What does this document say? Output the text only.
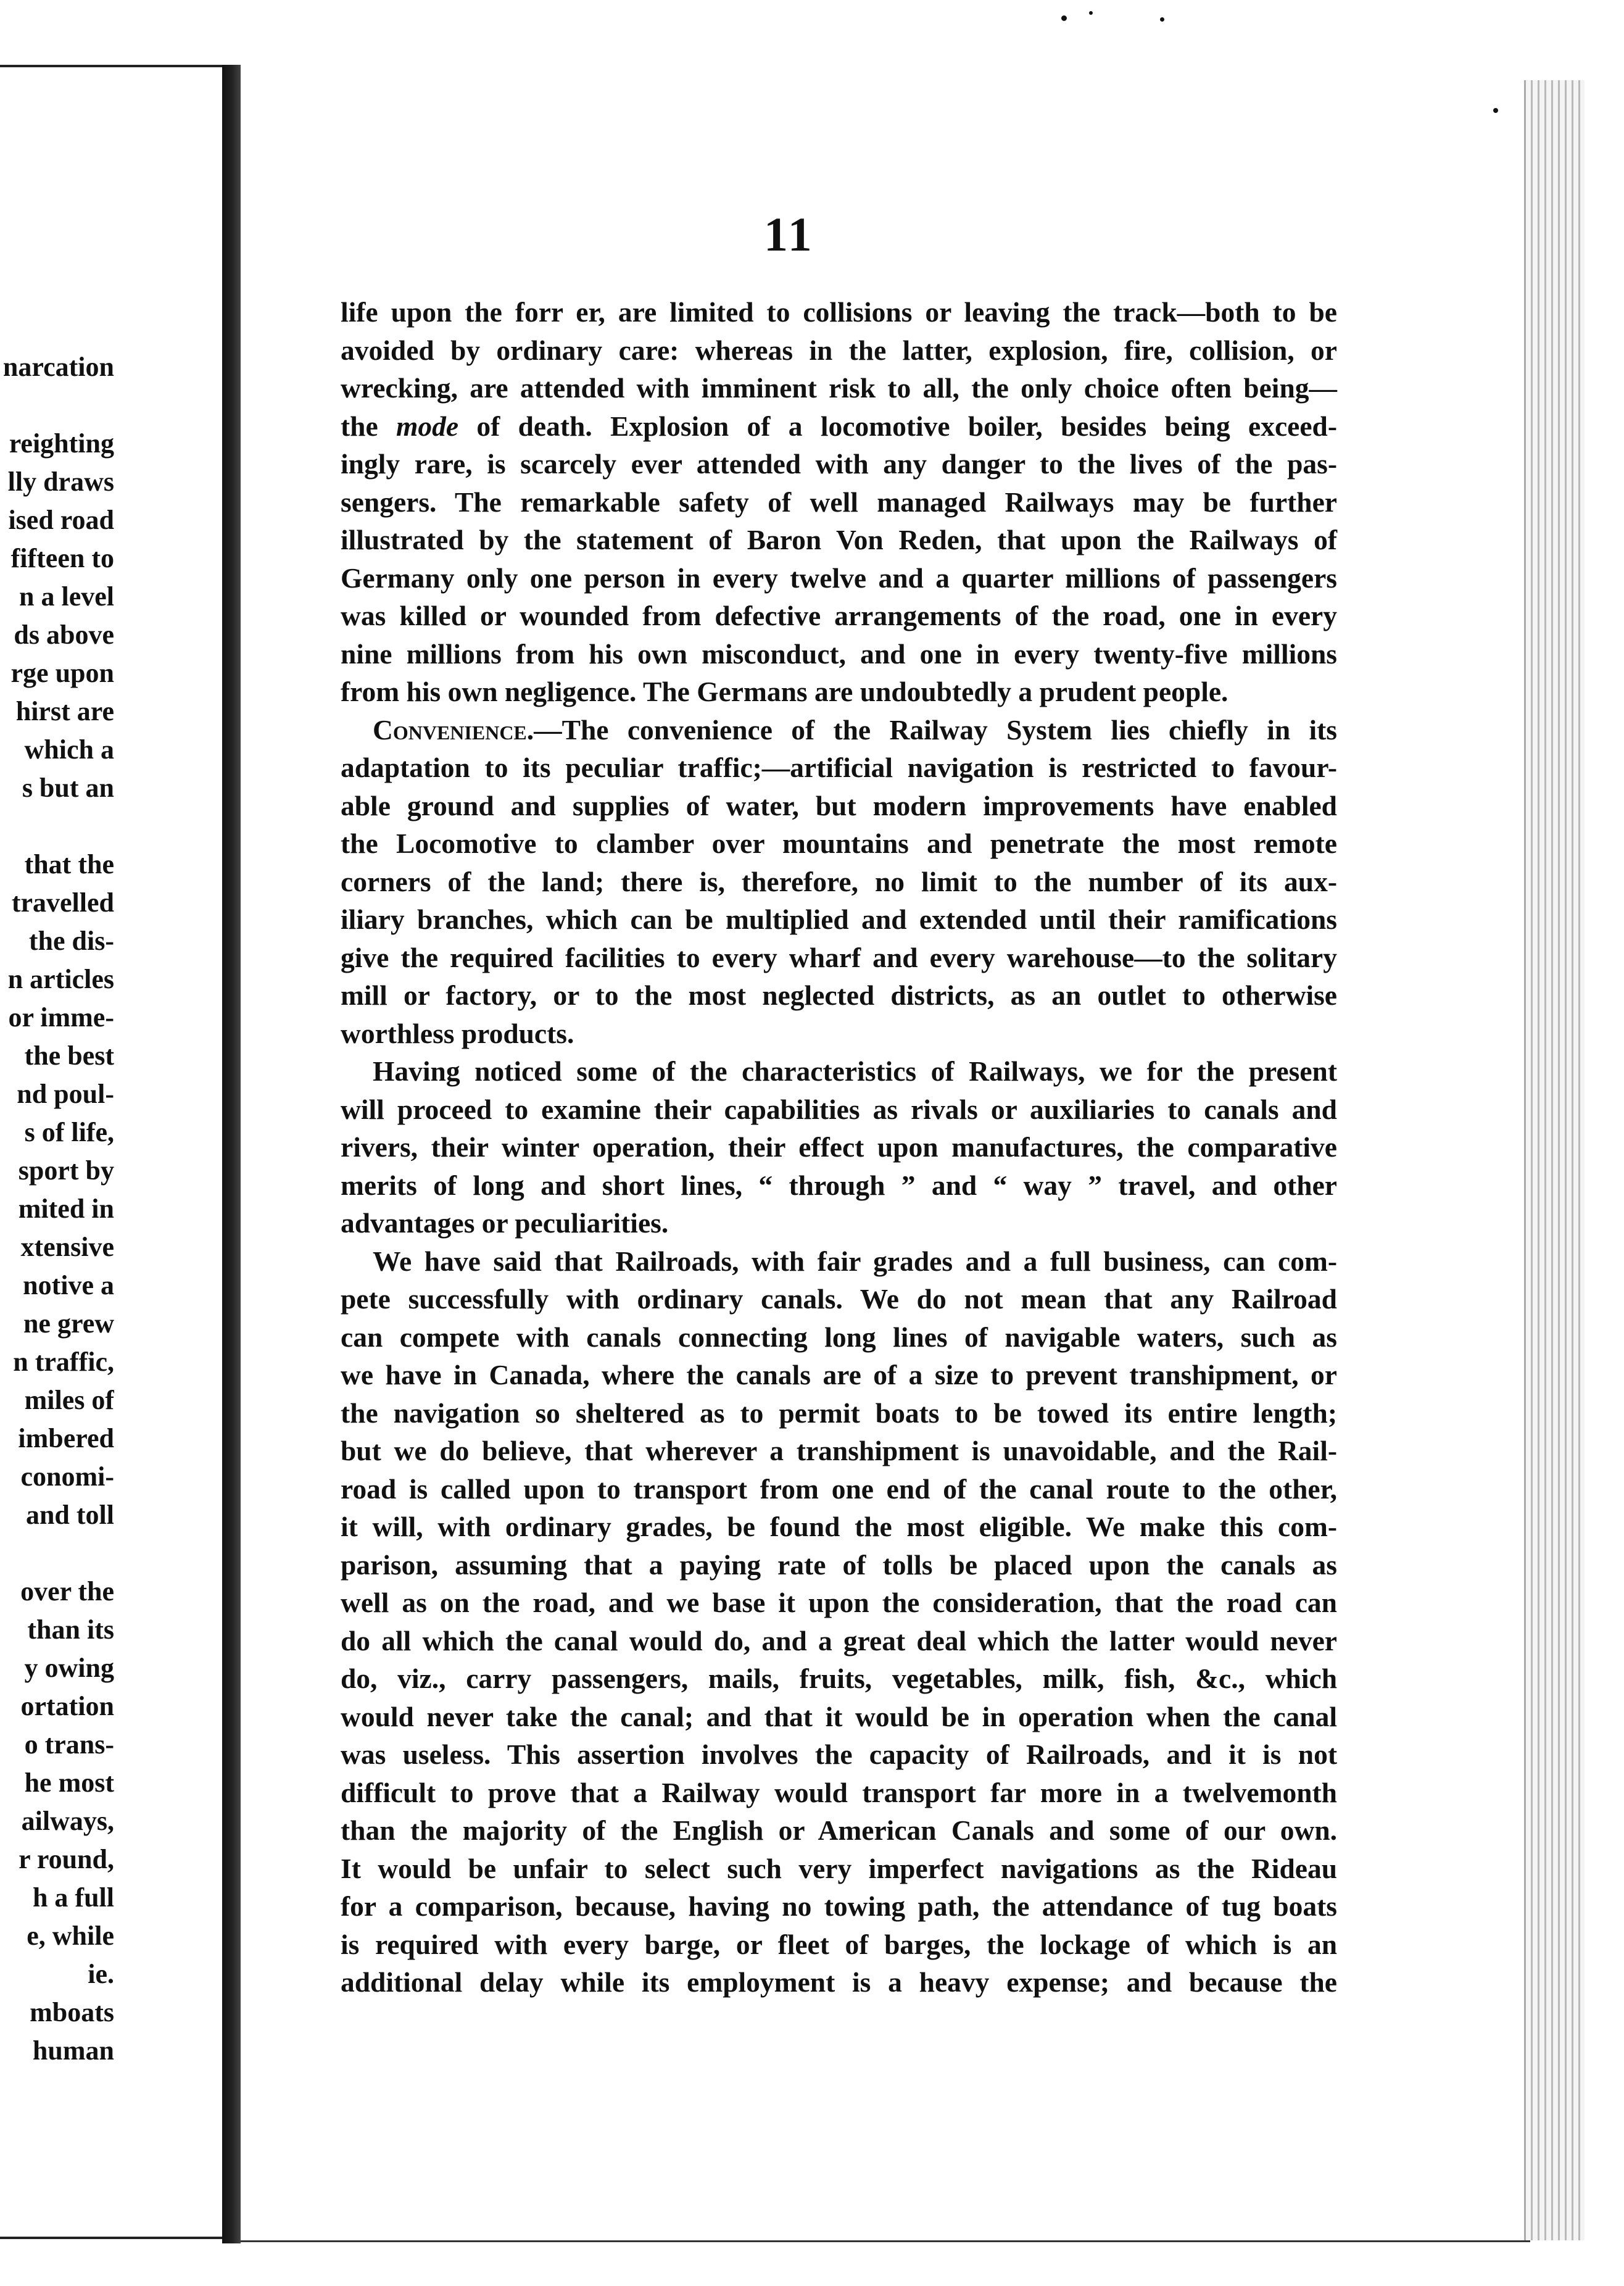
narcation
reighting
lly draws
ised road
fifteen to
n a level
ds above
rge upon
hirst are
which a
s but an
that the
travelled
the dis-
n articles
or imme-
the best
nd poul-
s of life,
sport by
mited in
xtensive
notive a
ne grew
n traffic,
miles of
imbered
conomi-
and toll
over the
than its
y owing
ortation
o trans-
he most
ailways,
r round,
h a full
e, while
ie.
mboats
human
11
life upon the forr er, are limited to collisions or leaving the track—both to be
avoided by ordinary care: whereas in the latter, explosion, fire, collision, or
wrecking, are attended with imminent risk to all, the only choice often being—
the mode of death. Explosion of a locomotive boiler, besides being exceed-
ingly rare, is scarcely ever attended with any danger to the lives of the pas-
sengers. The remarkable safety of well managed Railways may be further
illustrated by the statement of Baron Von Reden, that upon the Railways of
Germany only one person in every twelve and a quarter millions of passengers
was killed or wounded from defective arrangements of the road, one in every
nine millions from his own misconduct, and one in every twenty-five millions
from his own negligence. The Germans are undoubtedly a prudent people.
Convenience.—The convenience of the Railway System lies chiefly in its
adaptation to its peculiar traffic;—artificial navigation is restricted to favour-
able ground and supplies of water, but modern improvements have enabled
the Locomotive to clamber over mountains and penetrate the most remote
corners of the land; there is, therefore, no limit to the number of its aux-
iliary branches, which can be multiplied and extended until their ramifications
give the required facilities to every wharf and every warehouse—to the solitary
mill or factory, or to the most neglected districts, as an outlet to otherwise
worthless products.
Having noticed some of the characteristics of Railways, we for the present
will proceed to examine their capabilities as rivals or auxiliaries to canals and
rivers, their winter operation, their effect upon manufactures, the comparative
merits of long and short lines, “ through ” and “ way ” travel, and other
advantages or peculiarities.
We have said that Railroads, with fair grades and a full business, can com-
pete successfully with ordinary canals. We do not mean that any Railroad
can compete with canals connecting long lines of navigable waters, such as
we have in Canada, where the canals are of a size to prevent transhipment, or
the navigation so sheltered as to permit boats to be towed its entire length;
but we do believe, that wherever a transhipment is unavoidable, and the Rail-
road is called upon to transport from one end of the canal route to the other,
it will, with ordinary grades, be found the most eligible. We make this com-
parison, assuming that a paying rate of tolls be placed upon the canals as
well as on the road, and we base it upon the consideration, that the road can
do all which the canal would do, and a great deal which the latter would never
do, viz., carry passengers, mails, fruits, vegetables, milk, fish, &c., which
would never take the canal; and that it would be in operation when the canal
was useless. This assertion involves the capacity of Railroads, and it is not
difficult to prove that a Railway would transport far more in a twelvemonth
than the majority of the English or American Canals and some of our own.
It would be unfair to select such very imperfect navigations as the Rideau
for a comparison, because, having no towing path, the attendance of tug boats
is required with every barge, or fleet of barges, the lockage of which is an
additional delay while its employment is a heavy expense; and because the
